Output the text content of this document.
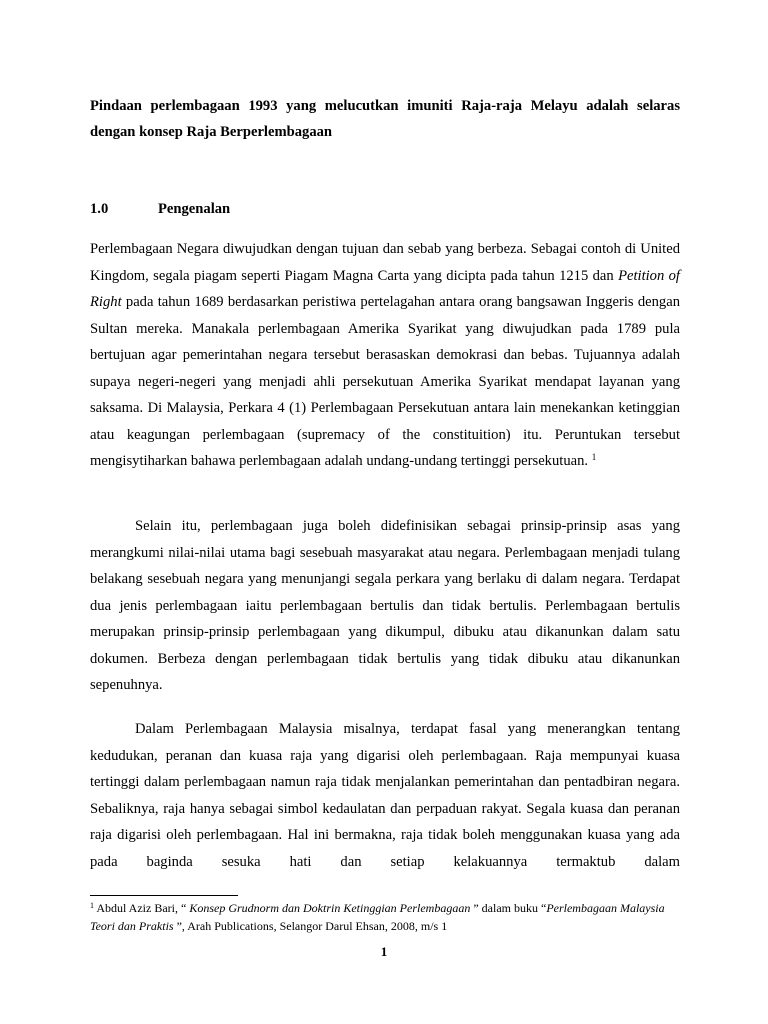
Pindaan perlembagaan 1993 yang melucutkan imuniti Raja-raja Melayu adalah selaras dengan konsep Raja Berperlembagaan
1.0	Pengenalan

Perlembagaan Negara diwujudkan dengan tujuan dan sebab yang berbeza. Sebagai contoh di United Kingdom, segala piagam seperti Piagam Magna Carta yang dicipta pada tahun 1215 dan Petition of Right pada tahun 1689 berdasarkan peristiwa pertelagahan antara orang bangsawan Inggeris dengan Sultan mereka. Manakala perlembagaan Amerika Syarikat yang diwujudkan pada 1789 pula bertujuan agar pemerintahan negara tersebut berasaskan demokrasi dan bebas. Tujuannya adalah supaya negeri-negeri yang menjadi ahli persekutuan Amerika Syarikat mendapat layanan yang saksama. Di Malaysia, Perkara 4 (1) Perlembagaan Persekutuan antara lain menekankan ketinggian atau keagungan perlembagaan (supremacy of the constituition) itu. Peruntukan tersebut mengisytiharkan bahawa perlembagaan adalah undang-undang tertinggi persekutuan. $^1$

Selain itu, perlembagaan juga boleh didefinisikan sebagai prinsip-prinsip asas yang merangkumi nilai-nilai utama bagi sesebuah masyarakat atau negara. Perlembagaan menjadi tulang belakang sesebuah negara yang menunjangi segala perkara yang berlaku di dalam negara. Terdapat dua jenis perlembagaan iaitu perlembagaan bertulis dan tidak bertulis. Perlembagaan bertulis merupakan prinsip-prinsip perlembagaan yang dikumpul, dibuku atau dikanunkan dalam satu dokumen. Berbeza dengan perlembagaan tidak bertulis yang tidak dibuku atau dikanunkan sepenuhnya.

Dalam Perlembagaan Malaysia misalnya, terdapat fasal yang menerangkan tentang kedudukan, peranan dan kuasa raja yang digarisi oleh perlembagaan. Raja mempunyai kuasa tertinggi dalam perlembagaan namun raja tidak menjalankan pemerintahan dan pentadbiran negara. Sebaliknya, raja hanya sebagai simbol kedaulatan dan perpaduan rakyat. Segala kuasa dan peranan raja digarisi oleh perlembagaan. Hal ini bermakna, raja tidak boleh menggunakan kuasa yang ada pada baginda sesuka hati dan setiap kelakuannya termaktub dalam

$^1$ Abdul Aziz Bari, “ Konsep Grudnorm dan Doktrin Ketinggian Perlembagaan ” dalam buku “Perlembagaan Malaysia Teori dan Praktis ”, Arah Publications, Selangor Darul Ehsan, 2008, m/s 1
1
